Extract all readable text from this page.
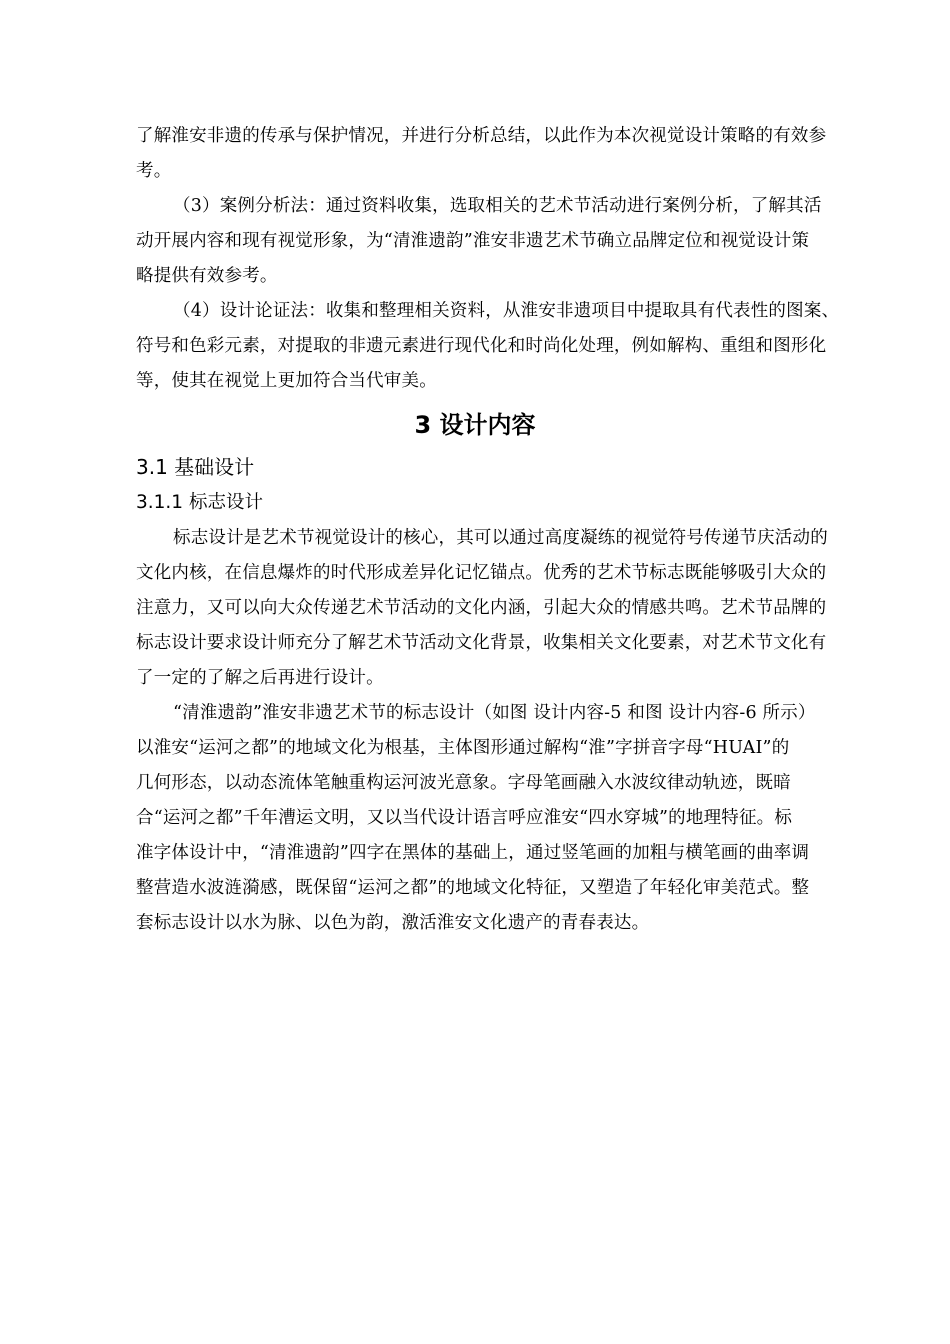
了解淮安非遗的传承与保护情况，并进行分析总结，以此作为本次视觉设计策略的有效参
考。
（3）案例分析法：通过资料收集，选取相关的艺术节活动进行案例分析，了解其活
动开展内容和现有视觉形象，为“清淮遗韵”淮安非遗艺术节确立品牌定位和视觉设计策
略提供有效参考。
（4）设计论证法：收集和整理相关资料，从淮安非遗项目中提取具有代表性的图案、
符号和色彩元素，对提取的非遗元素进行现代化和时尚化处理，例如解构、重组和图形化
等，使其在视觉上更加符合当代审美。
3 设计内容
3.1 基础设计
3.1.1 标志设计
标志设计是艺术节视觉设计的核心，其可以通过高度凝练的视觉符号传递节庆活动的
文化内核，在信息爆炸的时代形成差异化记忆锚点。优秀的艺术节标志既能够吸引大众的
注意力，又可以向大众传递艺术节活动的文化内涵，引起大众的情感共鸣。艺术节品牌的
标志设计要求设计师充分了解艺术节活动文化背景，收集相关文化要素，对艺术节文化有
了一定的了解之后再进行设计。
“清淮遗韵”淮安非遗艺术节的标志设计（如图 设计内容-5 和图 设计内容-6 所示）
以淮安“运河之都”的地域文化为根基，主体图形通过解构“淮”字拼音字母“HUAI”的
几何形态，以动态流体笔触重构运河波光意象。字母笔画融入水波纹律动轨迹，既暗
合“运河之都”千年漕运文明，又以当代设计语言呼应淮安“四水穿城”的地理特征。标
准字体设计中，“清淮遗韵”四字在黑体的基础上，通过竖笔画的加粗与横笔画的曲率调
整营造水波涟漪感，既保留“运河之都”的地域文化特征，又塑造了年轻化审美范式。整
套标志设计以水为脉、以色为韵，激活淮安文化遗产的青春表达。
